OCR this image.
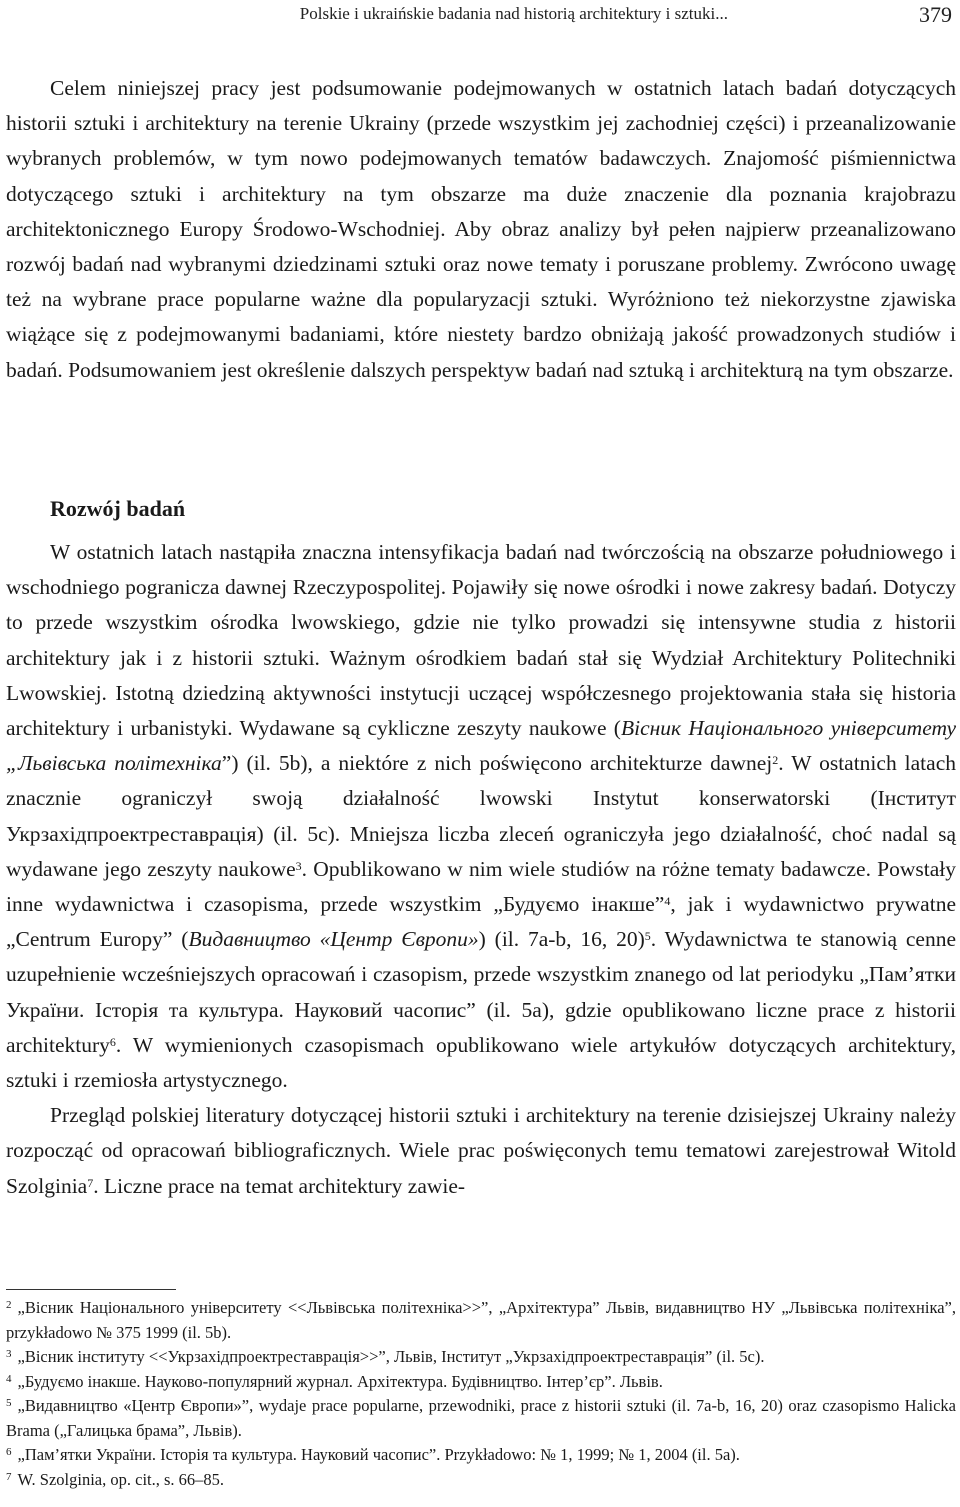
Polskie i ukraińskie badania nad historią architektury i sztuki...	379

Celem niniejszej pracy jest podsumowanie podejmowanych w ostatnich latach badań dotyczących historii sztuki i architektury na terenie Ukrainy (przede wszystkim jej zachodniej części) i przeanalizowanie wybranych problemów, w tym nowo podejmowanych tematów badawczych. Znajomość piśmiennictwa dotyczącego sztuki i architektury na tym obszarze ma duże znaczenie dla poznania krajobrazu architektonicznego Europy Środowo-Wschodniej. Aby obraz analizy był pełen najpierw przeanalizowano rozwój badań nad wybranymi dziedzinami sztuki oraz nowe tematy i poruszane problemy. Zwrócono uwagę też na wybrane prace popularne ważne dla popularyzacji sztuki. Wyróżniono też niekorzystne zjawiska wiążące się z podejmowanymi badaniami, które niestety bardzo obniżają jakość prowadzonych studiów i badań. Podsumowaniem jest określenie dalszych perspektyw badań nad sztuką i architekturą na tym obszarze.

Rozwój badań

W ostatnich latach nastąpiła znaczna intensyfikacja badań nad twórczością na obszarze południowego i wschodniego pogranicza dawnej Rzeczypospolitej. Pojawiły się nowe ośrodki i nowe zakresy badań. Dotyczy to przede wszystkim ośrodka lwowskiego, gdzie nie tylko prowadzi się intensywne studia z historii architektury jak i z historii sztuki. Ważnym ośrodkiem badań stał się Wydział Architektury Politechniki Lwowskiej. Istotną dziedziną aktywności instytucji uczącej współczesnego projektowania stała się historia architektury i urbanistyki. Wydawane są cykliczne zeszyty naukowe (Вісник Національного університету „Львівська політехніка”) (il. 5b), a niektóre z nich poświęcono architekturze dawnej$^2$. W ostatnich latach znacznie ograniczył swoją działalność lwowski Instytut konserwatorski (Інститут Укрзахідпроектреставрація) (il. 5c). Mniejsza liczba zleceń ograniczyła jego działalność, choć nadal są wydawane jego zeszyty naukowe$^3$. Opublikowano w nim wiele studiów na różne tematy badawcze. Powstały inne wydawnictwa i czasopisma, przede wszystkim „Будуємо інакше”$^4$, jak i wydawnictwo prywatne „Centrum Europy” (Видавництво «Центр Європи») (il. 7a-b, 16, 20)$^5$. Wydawnictwa te stanowią cenne uzupełnienie wcześniejszych opracowań i czasopism, przede wszystkim znanego od lat periodyku „Пам’ятки України. Історія та культура. Науковий часопис” (il. 5a), gdzie opublikowano liczne prace z historii architektury$^6$. W wymienionych czasopismach opublikowano wiele artykułów dotyczących architektury, sztuki i rzemiosła artystycznego.

Przegląd polskiej literatury dotyczącej historii sztuki i architektury na terenie dzisiejszej Ukrainy należy rozpocząć od opracowań bibliograficznych. Wiele prac poświęconych temu tematowi zarejestrował Witold Szolginia$^7$. Liczne prace na temat architektury zawie-

$^2$ „Вісник Національного університету <<Львівська політехніка>>”, „Архітектура” Львів, видавництво НУ „Львівська політехніка”, przykładowo № 375 1999 (il. 5b).

$^3$ „Вісник інституту <<Укрзахідпроектреставрація>>”, Львів, Інститут „Укрзахідпроектреставрація” (il. 5c).

$^4$ „Будуємо інакше. Науково-популярний журнал. Архітектура. Будівництво. Інтер’єр”. Львів.

$^5$ „Видавництво «Центр Європи»”, wydaje prace popularne, przewodniki, prace z historii sztuki (il. 7a-b, 16, 20) oraz czasopismo Halicka Brama („Галицька брама”, Львів).

$^6$ „Пам’ятки України. Історія та культура. Науковий часопис”. Przykładowo: № 1, 1999; № 1, 2004 (il. 5a).

$^7$ W. Szolginia, op. cit., s. 66–85.
